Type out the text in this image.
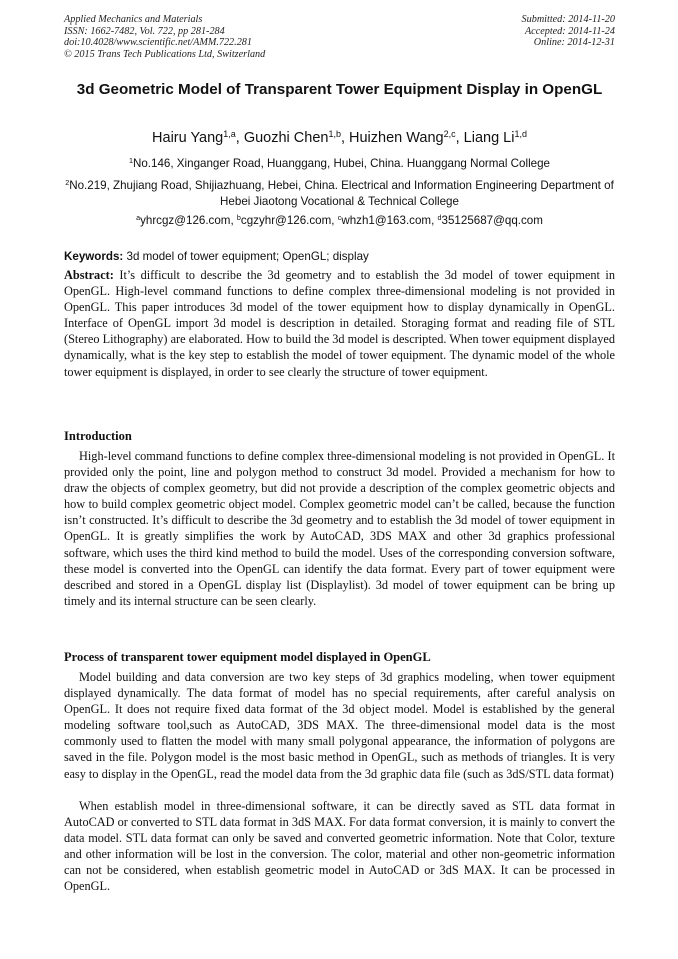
Applied Mechanics and Materials
ISSN: 1662-7482, Vol. 722, pp 281-284
doi:10.4028/www.scientific.net/AMM.722.281
© 2015 Trans Tech Publications Ltd, Switzerland
Submitted: 2014-11-20
Accepted: 2014-11-24
Online: 2014-12-31
3d Geometric Model of Transparent Tower Equipment Display in OpenGL
Hairu Yang$^{1,a}$, Guozhi Chen$^{1,b}$, Huizhen Wang$^{2,c}$, Liang Li$^{1,d}$
$^1$No.146, Xinganger Road, Huanggang, Hubei, China. Huanggang Normal College
$^2$No.219, Zhujiang Road, Shijiazhuang, Hebei, China. Electrical and Information Engineering Department of Hebei Jiaotong Vocational & Technical College
$^a$yhrcgz@126.com, $^b$cgzyhr@126.com, $^c$whzh1@163.com, $^d$35125687@qq.com
Keywords: 3d model of tower equipment; OpenGL; display
Abstract: It’s difficult to describe the 3d geometry and to establish the 3d model of tower equipment in OpenGL. High-level command functions to define complex three-dimensional modeling is not provided in OpenGL. This paper introduces 3d model of the tower equipment how to display dynamically in OpenGL. Interface of OpenGL import 3d model is description in detailed. Storaging format and reading file of STL (Stereo Lithography) are elaborated. How to build the 3d model is descripted. When tower equipment displayed dynamically, what is the key step to establish the model of tower equipment. The dynamic model of the whole tower equipment is displayed, in order to see clearly the structure of tower equipment.
Introduction
High-level command functions to define complex three-dimensional modeling is not provided in OpenGL. It provided only the point, line and polygon method to construct 3d model. Provided a mechanism for how to draw the objects of complex geometry, but did not provide a description of the complex geometric objects and how to build complex geometric object model. Complex geometric model can’t be called, because the function isn’t constructed. It’s difficult to describe the 3d geometry and to establish the 3d model of tower equipment in OpenGL. It is greatly simplifies the work by AutoCAD, 3DS MAX and other 3d graphics professional software, which uses the third kind method to build the model. Uses of the corresponding conversion software, these model is converted into the OpenGL can identify the data format. Every part of tower equipment were described and stored in a OpenGL display list (Displaylist). 3d model of tower equipment can be bring up timely and its internal structure can be seen clearly.
Process of transparent tower equipment model displayed in OpenGL
Model building and data conversion are two key steps of 3d graphics modeling, when tower equipment displayed dynamically. The data format of model has no special requirements, after careful analysis on OpenGL. It does not require fixed data format of the 3d object model. Model is established by the general modeling software tool,such as AutoCAD, 3DS MAX. The three-dimensional model data is the most commonly used to flatten the model with many small polygonal appearance, the information of polygons are saved in the file. Polygon model is the most basic method in OpenGL, such as methods of triangles. It is very easy to display in the OpenGL, read the model data from the 3d graphic data file (such as 3dS/STL data format)
When establish model in three-dimensional software, it can be directly saved as STL data format in AutoCAD or converted to STL data format in 3dS MAX. For data format conversion, it is mainly to convert the data model. STL data format can only be saved and converted geometric information. Note that Color, texture and other information will be lost in the conversion. The color, material and other non-geometric information can not be considered, when establish geometric model in AutoCAD or 3dS MAX. It can be processed in OpenGL.
